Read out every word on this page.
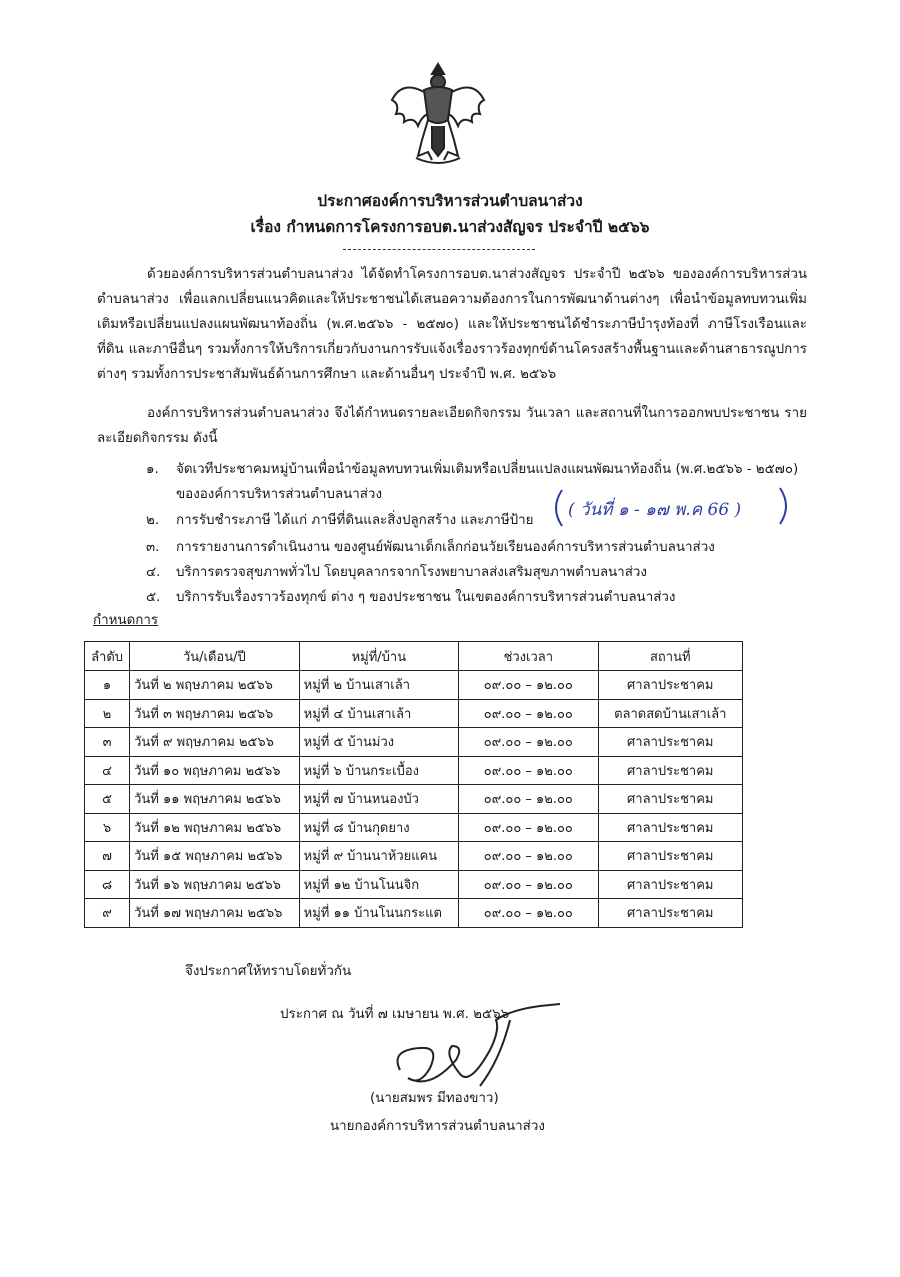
ประกาศองค์การบริหารส่วนตำบลนาส่วง
เรื่อง กำหนดการโครงการอบต.นาส่วงสัญจร ประจำปี ๒๕๖๖
ด้วยองค์การบริหารส่วนตำบลนาส่วง ได้จัดทำโครงการอบต.นาส่วงสัญจร ประจำปี ๒๕๖๖ ขององค์การบริหารส่วนตำบลนาส่วง เพื่อแลกเปลี่ยนแนวคิดและให้ประชาชนได้เสนอความต้องการในการพัฒนาด้านต่างๆ เพื่อนำข้อมูลทบทวนเพิ่มเติมหรือเปลี่ยนแปลงแผนพัฒนาท้องถิ่น (พ.ศ.๒๕๖๖ - ๒๕๗๐) และให้ประชาชนได้ชำระภาษีบำรุงท้องที่ ภาษีโรงเรือนและที่ดิน และภาษีอื่นๆ รวมทั้งการให้บริการเกี่ยวกับงานการรับแจ้งเรื่องราวร้องทุกข์ด้านโครงสร้างพื้นฐานและด้านสาธารณูปการต่างๆ รวมทั้งการประชาสัมพันธ์ด้านการศึกษา และด้านอื่นๆ ประจำปี พ.ศ. ๒๕๖๖
องค์การบริหารส่วนตำบลนาส่วง จึงได้กำหนดรายละเอียดกิจกรรม วันเวลา และสถานที่ในการออกพบประชาชน รายละเอียดกิจกรรม ดังนี้
๑.	จัดเวทีประชาคมหมู่บ้านเพื่อนำข้อมูลทบทวนเพิ่มเติมหรือเปลี่ยนแปลงแผนพัฒนาท้องถิ่น (พ.ศ.๒๕๖๖ - ๒๕๗๐) ขององค์การบริหารส่วนตำบลนาส่วง
๒.	การรับชำระภาษี ได้แก่ ภาษีที่ดินและสิ่งปลูกสร้าง และภาษีป้าย
๓.	การรายงานการดำเนินงาน ของศูนย์พัฒนาเด็กเล็กก่อนวัยเรียนองค์การบริหารส่วนตำบลนาส่วง
๔.	บริการตรวจสุขภาพทั่วไป โดยบุคลากรจากโรงพยาบาลส่งเสริมสุขภาพตำบลนาส่วง
๕.	บริการรับเรื่องราวร้องทุกข์ ต่าง ๆ ของประชาชน ในเขตองค์การบริหารส่วนตำบลนาส่วง
( วันที่ ๑ - ๑๗ พ.ค 66 )
กำหนดการ
ลำดับ	วัน/เดือน/ปี	หมู่ที่/บ้าน	ช่วงเวลา	สถานที่
๑	วันที่ ๒ พฤษภาคม ๒๕๖๖	หมู่ที่ ๒ บ้านเสาเล้า	๐๙.๐๐ – ๑๒.๐๐	ศาลาประชาคม
๒	วันที่ ๓ พฤษภาคม ๒๕๖๖	หมู่ที่ ๔ บ้านเสาเล้า	๐๙.๐๐ – ๑๒.๐๐	ตลาดสดบ้านเสาเล้า
๓	วันที่ ๙ พฤษภาคม ๒๕๖๖	หมู่ที่ ๕ บ้านม่วง	๐๙.๐๐ – ๑๒.๐๐	ศาลาประชาคม
๔	วันที่ ๑๐ พฤษภาคม ๒๕๖๖	หมู่ที่ ๖ บ้านกระเบื้อง	๐๙.๐๐ – ๑๒.๐๐	ศาลาประชาคม
๕	วันที่ ๑๑ พฤษภาคม ๒๕๖๖	หมู่ที่ ๗ บ้านหนองบัว	๐๙.๐๐ – ๑๒.๐๐	ศาลาประชาคม
๖	วันที่ ๑๒ พฤษภาคม ๒๕๖๖	หมู่ที่ ๘ บ้านกุดยาง	๐๙.๐๐ – ๑๒.๐๐	ศาลาประชาคม
๗	วันที่ ๑๕ พฤษภาคม ๒๕๖๖	หมู่ที่ ๙ บ้านนาห้วยแคน	๐๙.๐๐ – ๑๒.๐๐	ศาลาประชาคม
๘	วันที่ ๑๖ พฤษภาคม ๒๕๖๖	หมู่ที่ ๑๒ บ้านโนนจิก	๐๙.๐๐ – ๑๒.๐๐	ศาลาประชาคม
๙	วันที่ ๑๗ พฤษภาคม ๒๕๖๖	หมู่ที่ ๑๑ บ้านโนนกระแต	๐๙.๐๐ – ๑๒.๐๐	ศาลาประชาคม
จึงประกาศให้ทราบโดยทั่วกัน
ประกาศ ณ วันที่ ๗ เมษายน พ.ศ. ๒๕๖๖
(นายสมพร มีทองขาว)
นายกองค์การบริหารส่วนตำบลนาส่วง
